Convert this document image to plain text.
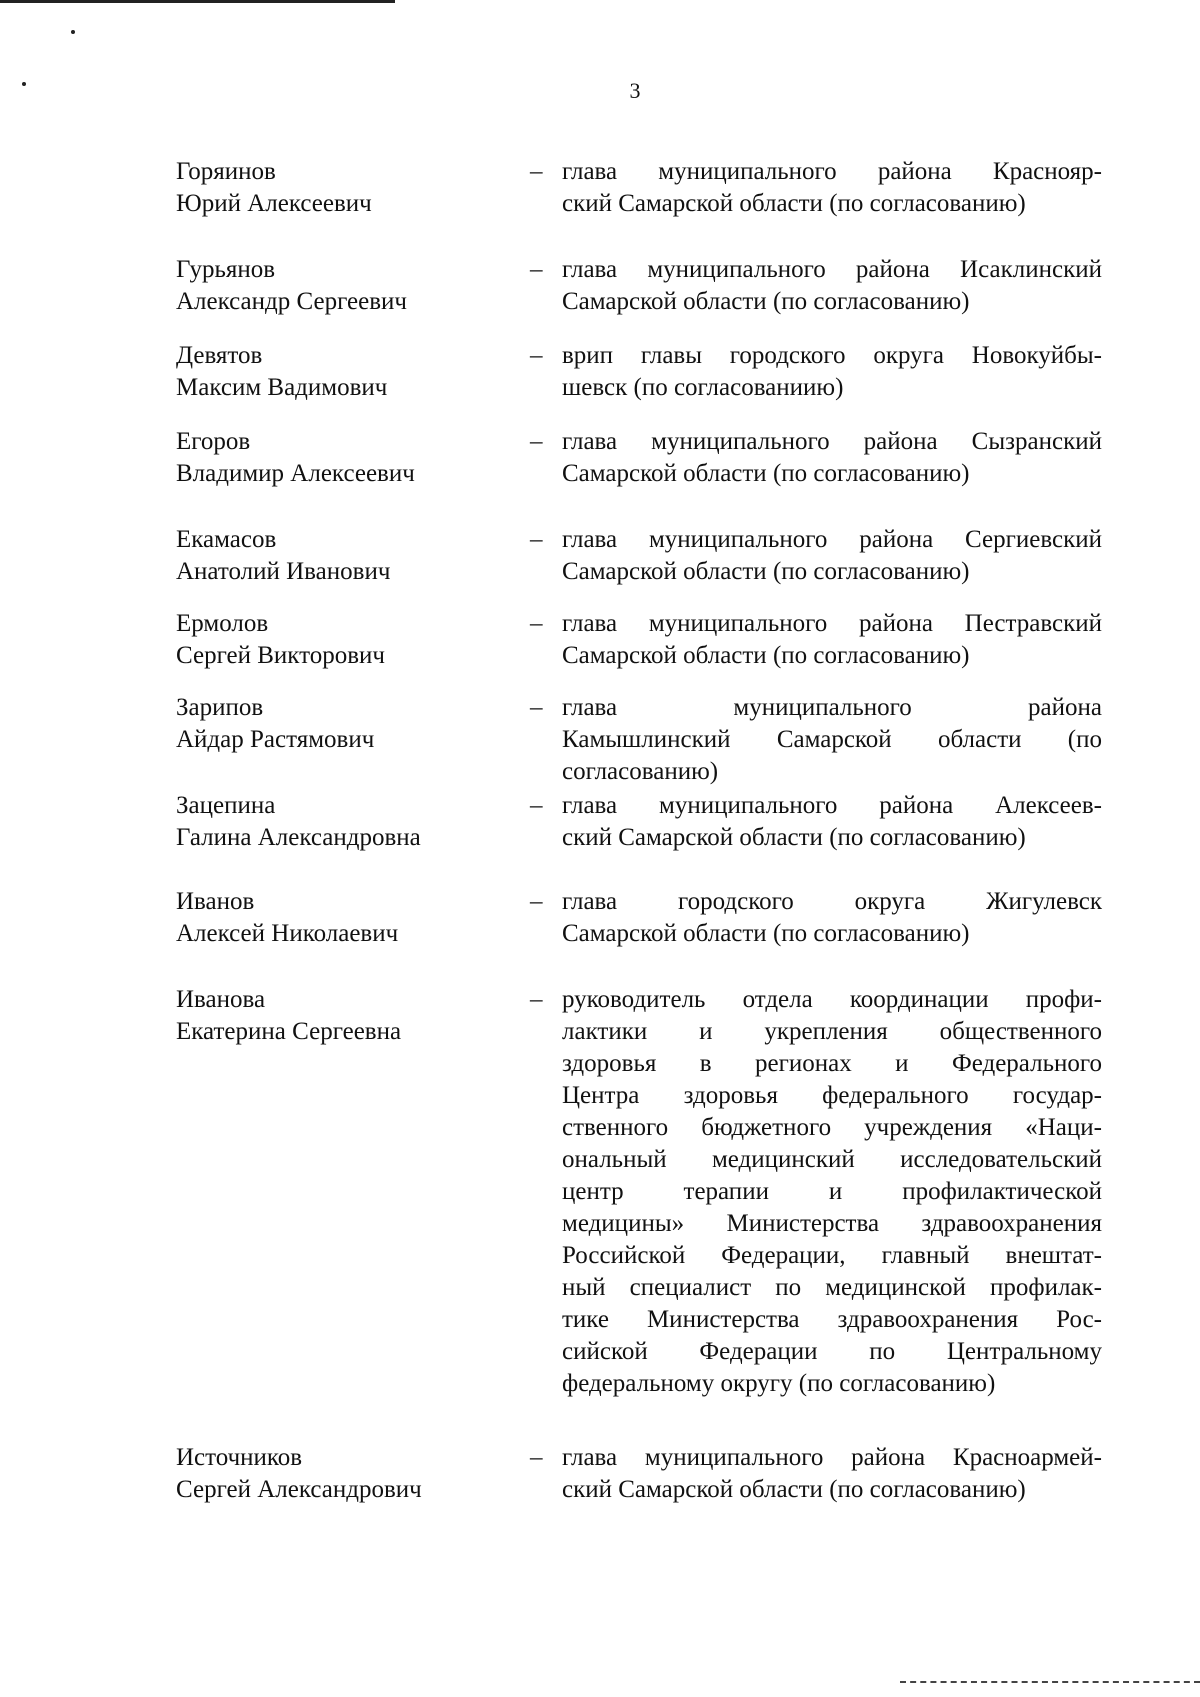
3
Горяинов
Юрий Алексеевич
– глава муниципального района Краснояр-
ский Самарской области (по согласованию)
Гурьянов
Александр Сергеевич
– глава муниципального района Исаклинский
Самарской области (по согласованию)
Девятов
Максим Вадимович
– врип главы городского округа Новокуйбы-
шевск (по согласованиию)
Егоров
Владимир Алексеевич
– глава муниципального района Сызранский
Самарской области (по согласованию)
Екамасов
Анатолий Иванович
– глава муниципального района Сергиевский
Самарской области (по согласованию)
Ермолов
Сергей Викторович
– глава муниципального района Пестравский
Самарской области (по согласованию)
Зарипов
Айдар Растямович
– глава муниципального района
Камышлинский Самарской области (по
согласованию)
Зацепина
Галина Александровна
– глава муниципального района Алексеев-
ский Самарской области (по согласованию)
Иванов
Алексей Николаевич
– глава городского округа Жигулевск
Самарской области (по согласованию)
Иванова
Екатерина Сергеевна
– руководитель отдела координации профи-
лактики и укрепления общественного
здоровья в регионах и Федерального
Центра здоровья федерального государ-
ственного бюджетного учреждения «Наци-
ональный медицинский исследовательский
центр терапии и профилактической
медицины» Министерства здравоохранения
Российской Федерации, главный внештат-
ный специалист по медицинской профилак-
тике Министерства здравоохранения Рос-
сийской Федерации по Центральному
федеральному округу (по согласованию)
Источников
Сергей Александрович
– глава муниципального района Красноармей-
ский Самарской области (по согласованию)
